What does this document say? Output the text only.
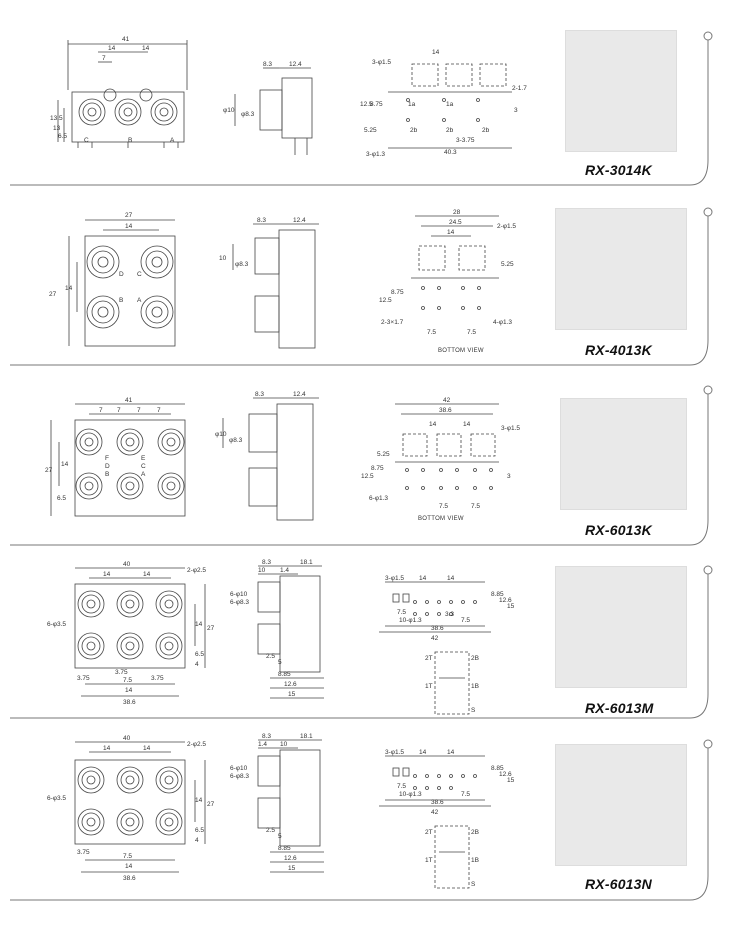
41
14	14
7
13.5
13
6.5
C	B	A
8.3	12.4
φ10
φ8.3
3-φ1.5
14
12.5
8.75	1a	1a
2b	2b	2b
5.25
3-φ1.3
3-3.75
40.3
2-1.7
3
RX-3014K
27
14
27
14
D C
B A
8.3	12.4
10
φ8.3
28
24.5
14
2-φ1.5
5.25
12.5
8.75
2-3×1.7
7.5	7.5
4-φ1.3
BOTTOM VIEW	RX-4013K
41
7 7	7	7
27
14
6.5
F	E
D	C
B	A
8.3	12.4
φ10
φ8.3
42
38.6
14	14
3-φ1.5
5.25
12.5
8.75
3
6-φ1.3
7.5	7.5
BOTTOM VIEW
RX-6013K
40
14	14
2-φ2.5
6-φ3.5
27
14
6.5
4
3.75
3.75
3.75
7.5
14
38.6
8.3	18.1
10 1.4
6-φ10
6-φ8.3
2.5
5
8.85
12.6
15
3-φ1.5 14	14
10-φ1.3
7.5	3.3
7.5
38.6
42
8.85
12.6
15
2T	2B
1T	1B
S	RX-6013M
40
14	14
2-φ2.5
6-φ3.5
27
14
6.5
4
3.75
7.5
14
38.6
8.3	18.1
1.4 10
6-φ10
6-φ8.3
2.5
5
8.85
12.6
15
3-φ1.5 14	14
10-φ1.3
7.5
7.5
38.6
42
8.85
12.6
15
2T	2B
1T	1B
S	RX-6013N
